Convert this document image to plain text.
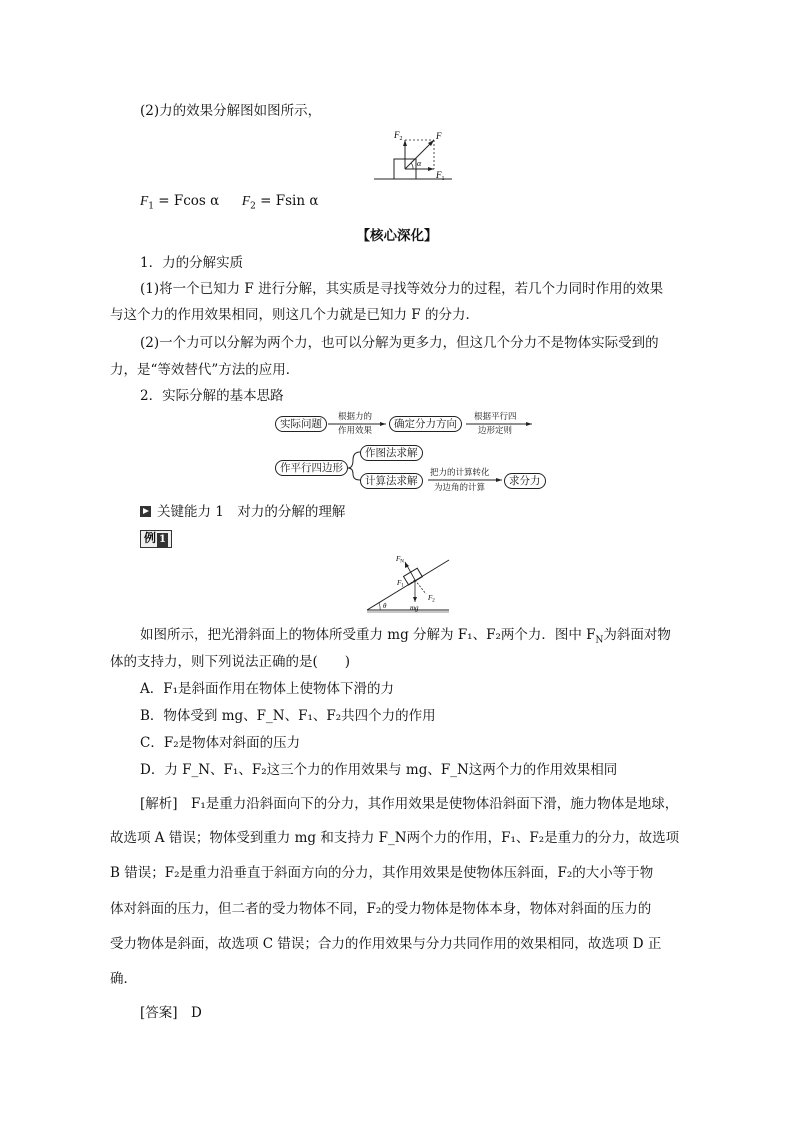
(2)力的效果分解图如图所示，
F
$F_2$
$F_1$
α
$F_1 = Fcos$ α $F_2 = Fsin$ α
【核心深化】
1．力的分解实质
(1)将一个已知力 F 进行分解，其实质是寻找等效分力的过程，若几个力同时作用的效果
与这个力的作用效果相同，则这几个力就是已知力 F 的分力．
(2)一个力可以分解为两个力，也可以分解为更多力，但这几个分力不是物体实际受到的
力，是“等效替代”方法的应用．
2．实际分解的基本思路
实际问题
根据力的
作用效果
确定分力方向
根据平行四
边形定则
作平行四边形
作图法求解
计算法求解
把力的计算转化
为边角的计算
求分力
关键能力 1　对力的分解的理解
例 1
$F_N$
$F_1$
$F_2$
mg
θ
如图所示，把光滑斜面上的物体所受重力 mg 分解为 F₁、F₂两个力．图中 $F_N$为斜面对物
体的支持力，则下列说法正确的是(　　)
A．F₁是斜面作用在物体上使物体下滑的力
B．物体受到 mg、F_N、F₁、F₂共四个力的作用
C．F₂是物体对斜面的压力
D．力 F_N、F₁、F₂这三个力的作用效果与 mg、F_N这两个力的作用效果相同
[解析]　F₁是重力沿斜面向下的分力，其作用效果是使物体沿斜面下滑，施力物体是地球，
故选项 A 错误；物体受到重力 mg 和支持力 F_N两个力的作用，F₁、F₂是重力的分力，故选项
B 错误；F₂是重力沿垂直于斜面方向的分力，其作用效果是使物体压斜面，F₂的大小等于物
体对斜面的压力，但二者的受力物体不同，F₂的受力物体是物体本身，物体对斜面的压力的
受力物体是斜面，故选项 C 错误；合力的作用效果与分力共同作用的效果相同，故选项 D 正
确．
[答案]　D
